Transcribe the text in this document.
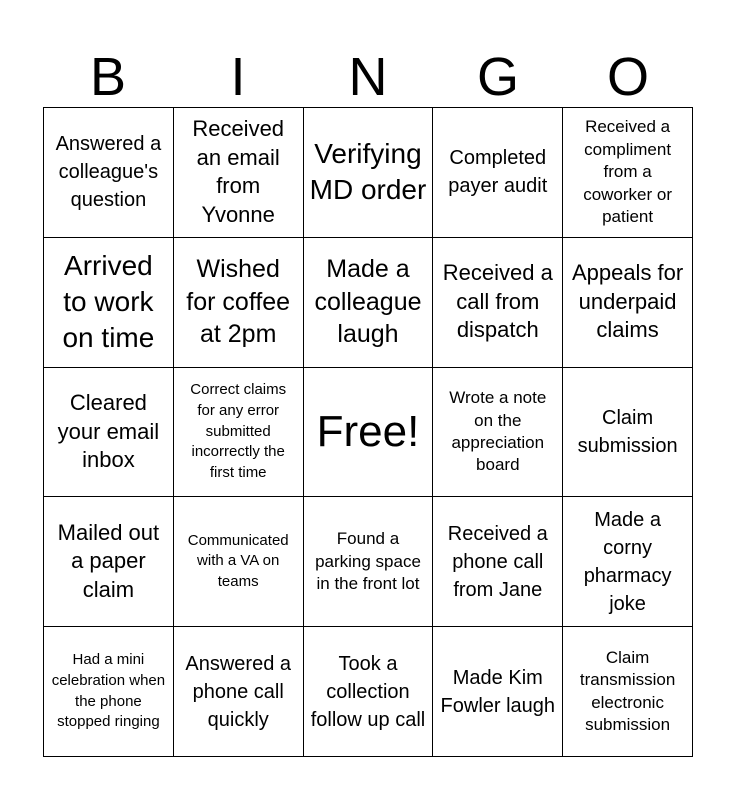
B	I	N	G	O
Answered a colleague's question
Received an email from Yvonne
Verifying MD order
Completed payer audit
Received a compliment from a coworker or patient
Arrived to work on time
Wished for coffee at 2pm
Made a colleague laugh
Received a call from dispatch
Appeals for underpaid claims
Cleared your email inbox
Correct claims for any error submitted incorrectly the first time
Free!
Wrote a note on the appreciation board
Claim submission
Mailed out a paper claim
Communicated with a VA on teams
Found a parking space in the front lot
Received a phone call from Jane
Made a corny pharmacy joke
Had a mini celebration when the phone stopped ringing
Answered a phone call quickly
Took a collection follow up call
Made Kim Fowler laugh
Claim transmission electronic submission
